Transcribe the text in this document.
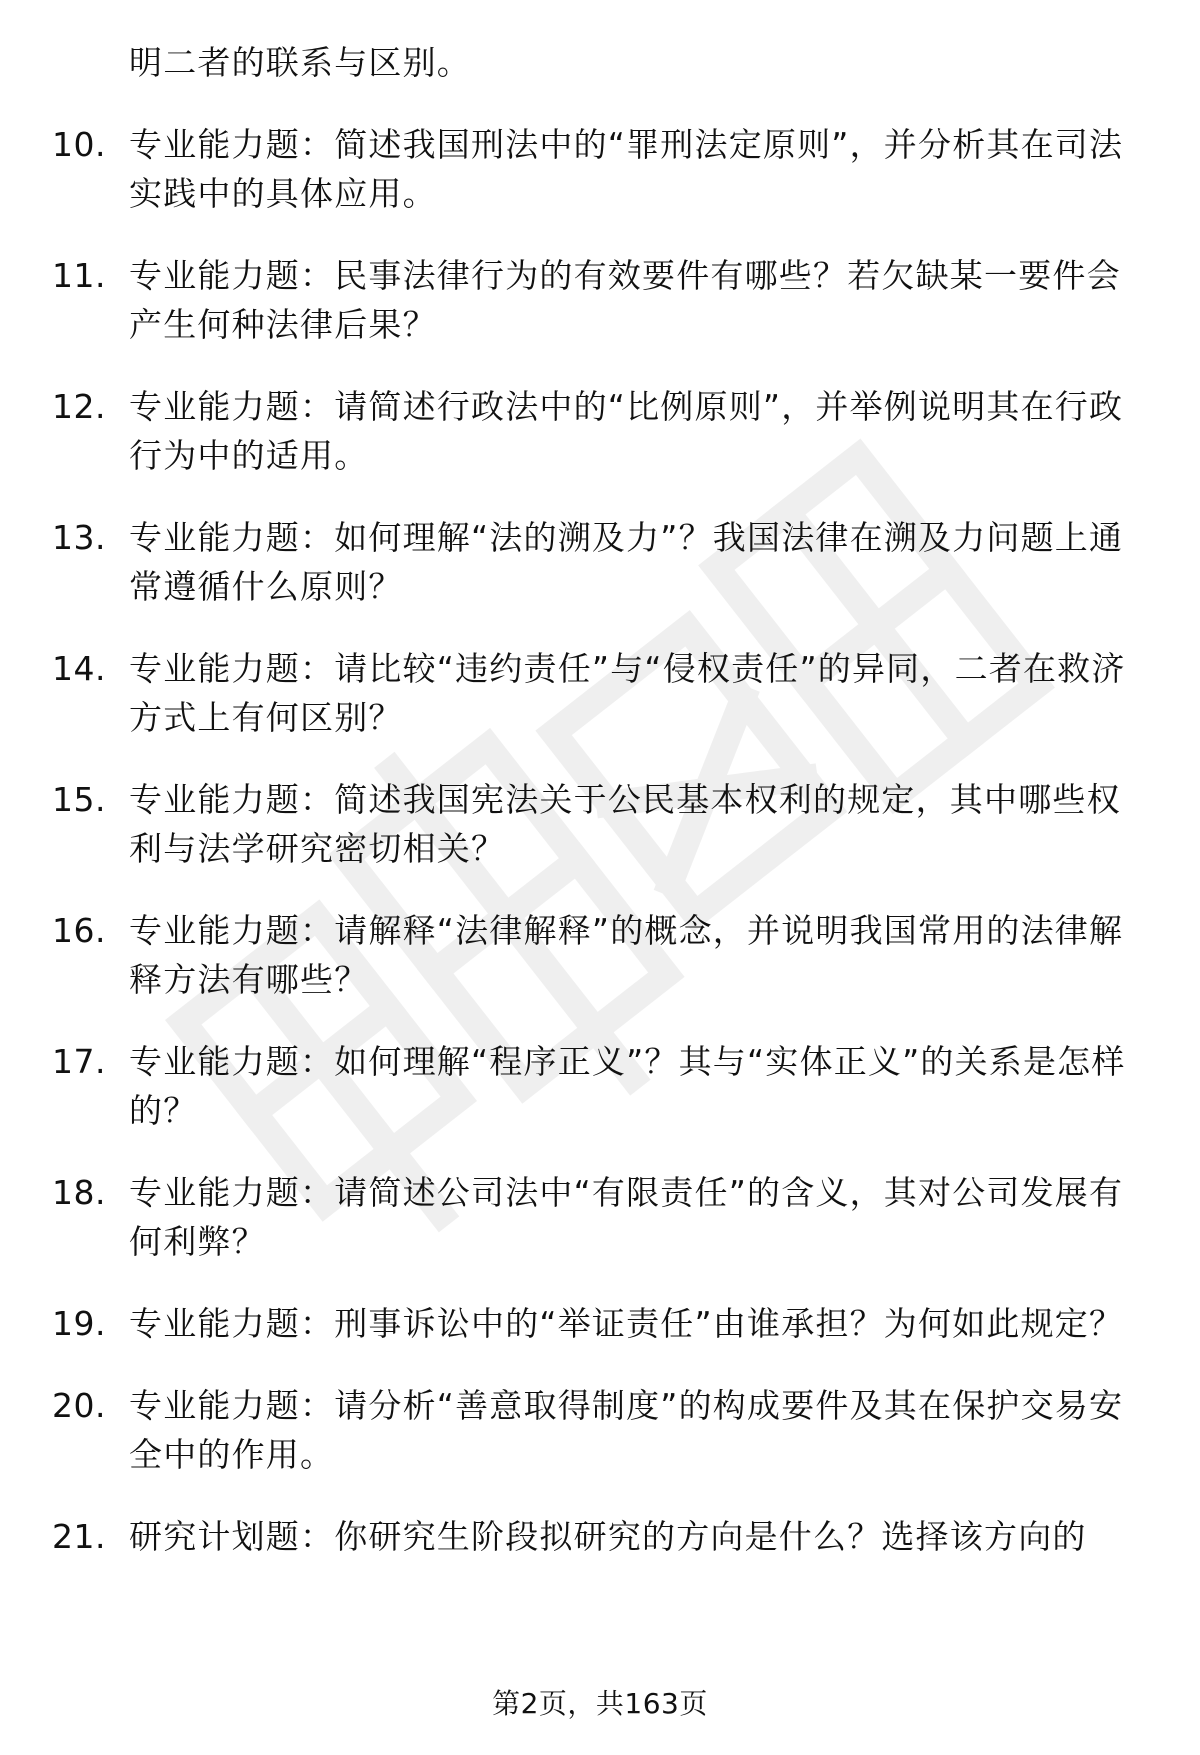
明二者的联系与区别。
10. 专业能力题：简述我国刑法中的“罪刑法定原则”，并分析其在司法实践中的具体应用。
11. 专业能力题：民事法律行为的有效要件有哪些？若欠缺某一要件会产生何种法律后果？
12. 专业能力题：请简述行政法中的“比例原则”，并举例说明其在行政行为中的适用。
13. 专业能力题：如何理解“法的溯及力”？我国法律在溯及力问题上通常遵循什么原则？
14. 专业能力题：请比较“违约责任”与“侵权责任”的异同，二者在救济方式上有何区别？
15. 专业能力题：简述我国宪法关于公民基本权利的规定，其中哪些权利与法学研究密切相关？
16. 专业能力题：请解释“法律解释”的概念，并说明我国常用的法律解释方法有哪些？
17. 专业能力题：如何理解“程序正义”？其与“实体正义”的关系是怎样的？
18. 专业能力题：请简述公司法中“有限责任”的含义，其对公司发展有何利弊？
19. 专业能力题：刑事诉讼中的“举证责任”由谁承担？为何如此规定？
20. 专业能力题：请分析“善意取得制度”的构成要件及其在保护交易安全中的作用。
21. 研究计划题：你研究生阶段拟研究的方向是什么？选择该方向的
第2页，共163页
